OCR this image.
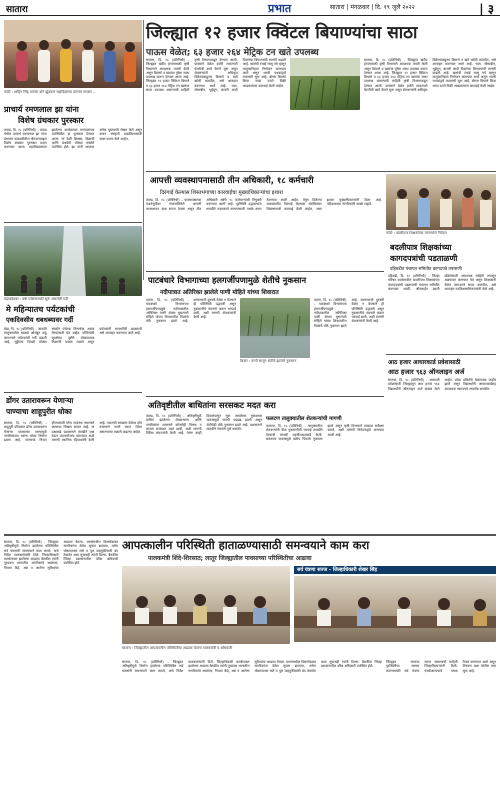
सातारा	प्रभात	सातारा | मंगळवार | दि. १९ जुलै २०२२	| ३
फोटो : शाहिन सिंह पतंगरा डांगे झुंडकार महाविद्यालय डंगणार सत्कार ...
प्राचार्य रमणलाल झा यांना
विशेष ग्रंथकार पुरस्कार
कराड, दि. १८ (प्रतिनिधी) - कराड येथील प्राचार्य रमणलाल झा यांना ग्रंथालय चळवळीतील योगदानाबद्दल विशेष ग्रंथकार पुरस्कार प्रदान करण्यात आला. महाविद्यालयात झालेल्या कार्यक्रमात मान्यवरांच्या उपस्थितीत हा पुरस्कार देण्यात आला. या वेळी शिक्षक, विद्यार्थी आणि ग्रंथप्रेमी मोठ्या संख्येने उपस्थित होते. झा यांनी आजवर अनेक पुस्तकांचे लेखन केले असून वाचन संस्कृती वाढविण्यासाठी सतत प्रयत्न केले आहेत.
जिल्ह्यात १२ हजार क्विंटल बियाण्यांचा साठा
पाऊस वेळेत; ६३ हजार २६४ मेट्रिक टन खते उपलब्ध
सातारा, दि. १८ (प्रतिनिधी) - जिल्ह्यात खरीप हंगामासाठी कृषी विभागाने आवश्यक तयारी केली असून बियाणे व खतांचा पुरेसा साठा उपलब्ध करून देण्यात आला आहे. जिल्ह्यात १२ हजार क्विंटल बियाणे व ६३ हजार २६४ मेट्रिक टन खतांचा साठा उपलब्ध असल्याची माहिती कृषी विभागाकडून देण्यात आली. पावसाने वेळेत हजेरी लावल्याने पेरणीची कामे वेगाने सुरू असून शेतकऱ्यांनी अधिकृत विक्रेत्यांकडूनच बियाणे व खते खरेदी करावीत, असे आवाहन करण्यात आले आहे. भात, सोयाबीन, भुईमूग, बाजरी आदी पिकांच्या बियाण्यांची मागणी वाढली आहे. खतांची टंचाई भासू नये म्हणून तालुकानिहाय नियोजन करण्यात आले असून भरारी पथकांद्वारे तपासणी सुरू आहे. बोगस बियाणे किंवा जादा दराने विक्री आढळल्यास कारवाई केली जाईल.
सातारा, दि. १८ (प्रतिनिधी) - जिल्ह्यात खरीप हंगामासाठी कृषी विभागाने आवश्यक तयारी केली असून बियाणे व खतांचा पुरेसा साठा उपलब्ध करून देण्यात आला आहे. जिल्ह्यात १२ हजार क्विंटल बियाणे व ६३ हजार २६४ मेट्रिक टन खतांचा साठा उपलब्ध असल्याची माहिती कृषी विभागाकडून देण्यात आली. पावसाने वेळेत हजेरी लावल्याने पेरणीची कामे वेगाने सुरू असून शेतकऱ्यांनी अधिकृत विक्रेत्यांकडूनच बियाणे व खते खरेदी करावीत, असे आवाहन करण्यात आले आहे. भात, सोयाबीन, भुईमूग, बाजरी आदी पिकांच्या बियाण्यांची मागणी वाढली आहे. खतांची टंचाई भासू नये म्हणून तालुकानिहाय नियोजन करण्यात आले असून भरारी पथकांद्वारे तपासणी सुरू आहे. बोगस बियाणे किंवा जादा दराने विक्री आढळल्यास कारवाई केली जाईल.
आपत्ती व्यवस्थापनासाठी तीन अधिकारी, १८ कर्मचारी
दिरंगाई केल्यास शिस्तभंगाच्या कारवाईचा मुख्याधिकाऱ्यांचा इशारा
कराड, दि. १८ (प्रतिनिधी) - पावसाळ्याच्या पार्श्वभूमीवर नगरपालिकेने आपत्ती व्यवस्थापन कक्ष सज्ज ठेवला असून तीन अधिकारी आणि १८ कर्मचाऱ्यांची नियुक्ती करण्यात आली आहे. पूरस्थिती उद्भवल्यास तातडीने मदतकार्य करण्यासाठी पथके तयार ठेवण्यात आली आहेत. नेमून दिलेल्या जबाबदारीत दिरंगाई केल्यास संबंधितांवर शिस्तभंगाची कारवाई केली जाईल, असा इशारा मुख्याधिकाऱ्यांनी दिला आहे. नदीकाठच्या नागरिकांनी सतर्क राहावे.
फोटो : बदलीपात्र शिक्षकांच्या मागण्यांचे निवेदन
बदलीपात्र शिक्षकांच्या
कागदपत्रांची पडताळणी
दहिवडीत पंचायत समितीत कागदपत्रे तपासणी
दहिवडी, दि. १८ (प्रतिनिधी) - जिल्हा परिषद शाळांमधील बदलीपात्र शिक्षकांच्या कागदपत्रांची पडताळणी पंचायत समितीत करण्यात आली. ऑनलाईन बदली प्रक्रियेसाठी आवश्यक माहिती तपासून अद्ययावत करण्यात येत असून शिक्षकांनी वेळेत कागदपत्रे सादर करावीत, असे आवाहन गटशिक्षणाधिकाऱ्यांनी केले आहे.
महाबळेश्वर : वर्षा पर्यटनासाठी सुरू असलेली गर्दी
मे महिन्यातच पर्यटकांची
एकदिवसीय धबधब्यावर गर्दी
मेढा, दि. १८ (प्रतिनिधी) - जावळी तालुक्यातील धबधबे ओसंडून वाहू लागल्याने पर्यटकांची गर्दी वाढली आहे. सुट्टीच्या दिवशी मोठ्या संख्येने पर्यटक निसर्गाचा आनंद घेण्यासाठी येत आहेत. पोलिसांनी सुरक्षेच्या दृष्टीने धोकादायक ठिकाणी फलक लावले असून पर्यटकांनी सावधगिरी बाळगावी असे आवाहन करण्यात आले आहे.
डोंगर उतारावरून येणाऱ्या
पाण्याचा शाहूपुरीत धोका
सातारा, दि. १८ (प्रतिनिधी) - शाहूपुरी परिसरात डोंगर उतारावरून येणाऱ्या पावसाच्या पाण्यामुळे नागरिकांच्या घरांना धोका निर्माण झाला आहे. पाण्याचा निचरा होण्यासाठी योग्य व्यवस्था नसल्याने रस्त्यावर चिखल साचत आहे. या प्रश्नाकडे प्रशासनाने तातडीने लक्ष देऊन उपाययोजना कराव्यात अशी मागणी स्थानिक रहिवाशांनी केली आहे. गटारांची स्वच्छता वेळेवर होत नसल्याने पाणी घरात शिरत असल्याच्या तक्रारी वाढल्या आहेत.
पाटबंधारे विभागाच्या हलगर्जीपणामुळे शेतीचे नुकसान
नदीपात्रात अतिरिक्त झालेले पाणी मोहिते यांच्या शिवारात
पाटण, दि. १८ (प्रतिनिधी) - पाटबंधारे विभागाच्या हलगर्जीपणामुळे नदीपात्रातील अतिरिक्त पाणी शेतात घुसल्याने मोहिते यांच्या शिवारातील पिकांचे मोठे नुकसान झाले आहे. कालव्याची दुरुस्ती वेळेत न केल्याने ही परिस्थिती उद्भवली असून नुकसानीचे पंचनामे करून भरपाई द्यावी, अशी मागणी शेतकऱ्यांनी केली आहे.
शिवार : पाणी साचून शेतीचे झालेले नुकसान
पाटण, दि. १८ (प्रतिनिधी) - पाटबंधारे विभागाच्या हलगर्जीपणामुळे नदीपात्रातील अतिरिक्त पाणी शेतात घुसल्याने मोहिते यांच्या शिवारातील पिकांचे मोठे नुकसान झाले आहे. कालव्याची दुरुस्ती वेळेत न केल्याने ही परिस्थिती उद्भवली असून नुकसानीचे पंचनामे करून भरपाई द्यावी, अशी मागणी शेतकऱ्यांनी केली आहे.
आठ हजार आधारकार्ड प्रवेशासाठी
आठ हजार ९६३ ऑनलाइन अर्ज
सातारा, दि. १८ (प्रतिनिधी) - अकरावी प्रवेशासाठी जिल्ह्यातून आठ हजार ९६३ विद्यार्थ्यांनी ऑनलाइन अर्ज दाखल केले आहेत. प्रवेश प्रक्रियेचे वेळापत्रक जाहीर झाले असून विद्यार्थ्यांनी आधारकार्डसह आवश्यक कागदपत्रे अपलोड करावीत.
अतिवृष्टीतील बाधितांना सरसकट मदत करा
कराड, दि. १८ (प्रतिनिधी) - अतिवृष्टीमुळे बाधित झालेल्या शेतकऱ्यांना आणि नागरिकांना शासनाने कोणतेही निकष न लावता सरसकट मदत द्यावी, अशी मागणी विविध संघटनांनी केली आहे. गेल्या काही दिवसांपासून सुरू असलेल्या मुसळधार पावसामुळे घरांची पडझड झाली असून शेतीचेही मोठे नुकसान झाले आहे. प्रशासनाने तातडीने पंचनामे पूर्ण करावेत.
फलटण तालुक्यातील शेतकऱ्यांची मागणी
फलटण, दि. १८ (प्रतिनिधी) - तालुक्यातील शेतकऱ्यांनी पीक नुकसानीची भरपाई तातडीने देण्याची मागणी तहसीलदारांकडे केली. सततच्या पावसामुळे खरीप पिकांचे नुकसान झाले असून कृषी विभागाने तत्काळ सर्वेक्षण करावे, अशी मागणी निवेदनाद्वारे करण्यात आली आहे.
आपत्कालीन परिस्थिती हाताळण्यासाठी समन्वयाने काम करा
पालकमंत्री शिंदे-शिरसाठ; लातूर जिल्ह्यातील पावसाच्या परिस्थितीचा आढावा
सातारा, दि. १८ (प्रतिनिधी) - जिल्ह्यात अतिवृष्टीमुळे निर्माण झालेल्या परिस्थितीत सर्व यंत्रणांनी समन्वयाने काम करावे, असे निर्देश पालकमंत्र्यांनी दिले. जिल्हाधिकारी कार्यालयात झालेल्या आढावा बैठकीत त्यांनी पूरप्रवण भागातील नागरिकांचे स्थलांतर, निवारा केंद्रे, अन्न व आरोग्य सुविधांचा आढावा घेतला. धरणांमधील विसर्गाबाबत नागरिकांना वेळेत सूचना द्याव्यात, तसेच धोकादायक रस्ते व पूल वाहतुकीसाठी बंद ठेवावेत अशा सूचनाही त्यांनी दिल्या. बैठकीस जिल्हा प्रशासनातील वरिष्ठ अधिकारी उपस्थित होते.
सातारा : जिल्ह्यातील आपत्कालीन परिस्थितीचा आढावा घेताना पालकमंत्री व अधिकारी
सातारा, दि. १८ (प्रतिनिधी) - जिल्ह्यात अतिवृष्टीमुळे निर्माण झालेल्या परिस्थितीत सर्व यंत्रणांनी समन्वयाने काम करावे, असे निर्देश पालकमंत्र्यांनी दिले. जिल्हाधिकारी कार्यालयात झालेल्या आढावा बैठकीत त्यांनी पूरप्रवण भागातील नागरिकांचे स्थलांतर, निवारा केंद्रे, अन्न व आरोग्य सुविधांचा आढावा घेतला. धरणांमधील विसर्गाबाबत नागरिकांना वेळेत सूचना द्याव्यात, तसेच धोकादायक रस्ते व पूल वाहतुकीसाठी बंद ठेवावेत अशा सूचनाही त्यांनी दिल्या. बैठकीस जिल्हा प्रशासनातील वरिष्ठ अधिकारी उपस्थित होते.
सर्व यंत्रणा सज्ज - जिल्हाधिकारी शेखर सिंह
जिल्ह्यात संभाव्य पूरस्थितीचा सामना करण्यासाठी सर्व यंत्रणा सज्ज असल्याची माहिती जिल्हाधिकाऱ्यांनी दिली. एनडीआरएफचे पथक तैनात करण्यात आले असून नियंत्रण कक्ष चोवीस तास सुरू आहे.
